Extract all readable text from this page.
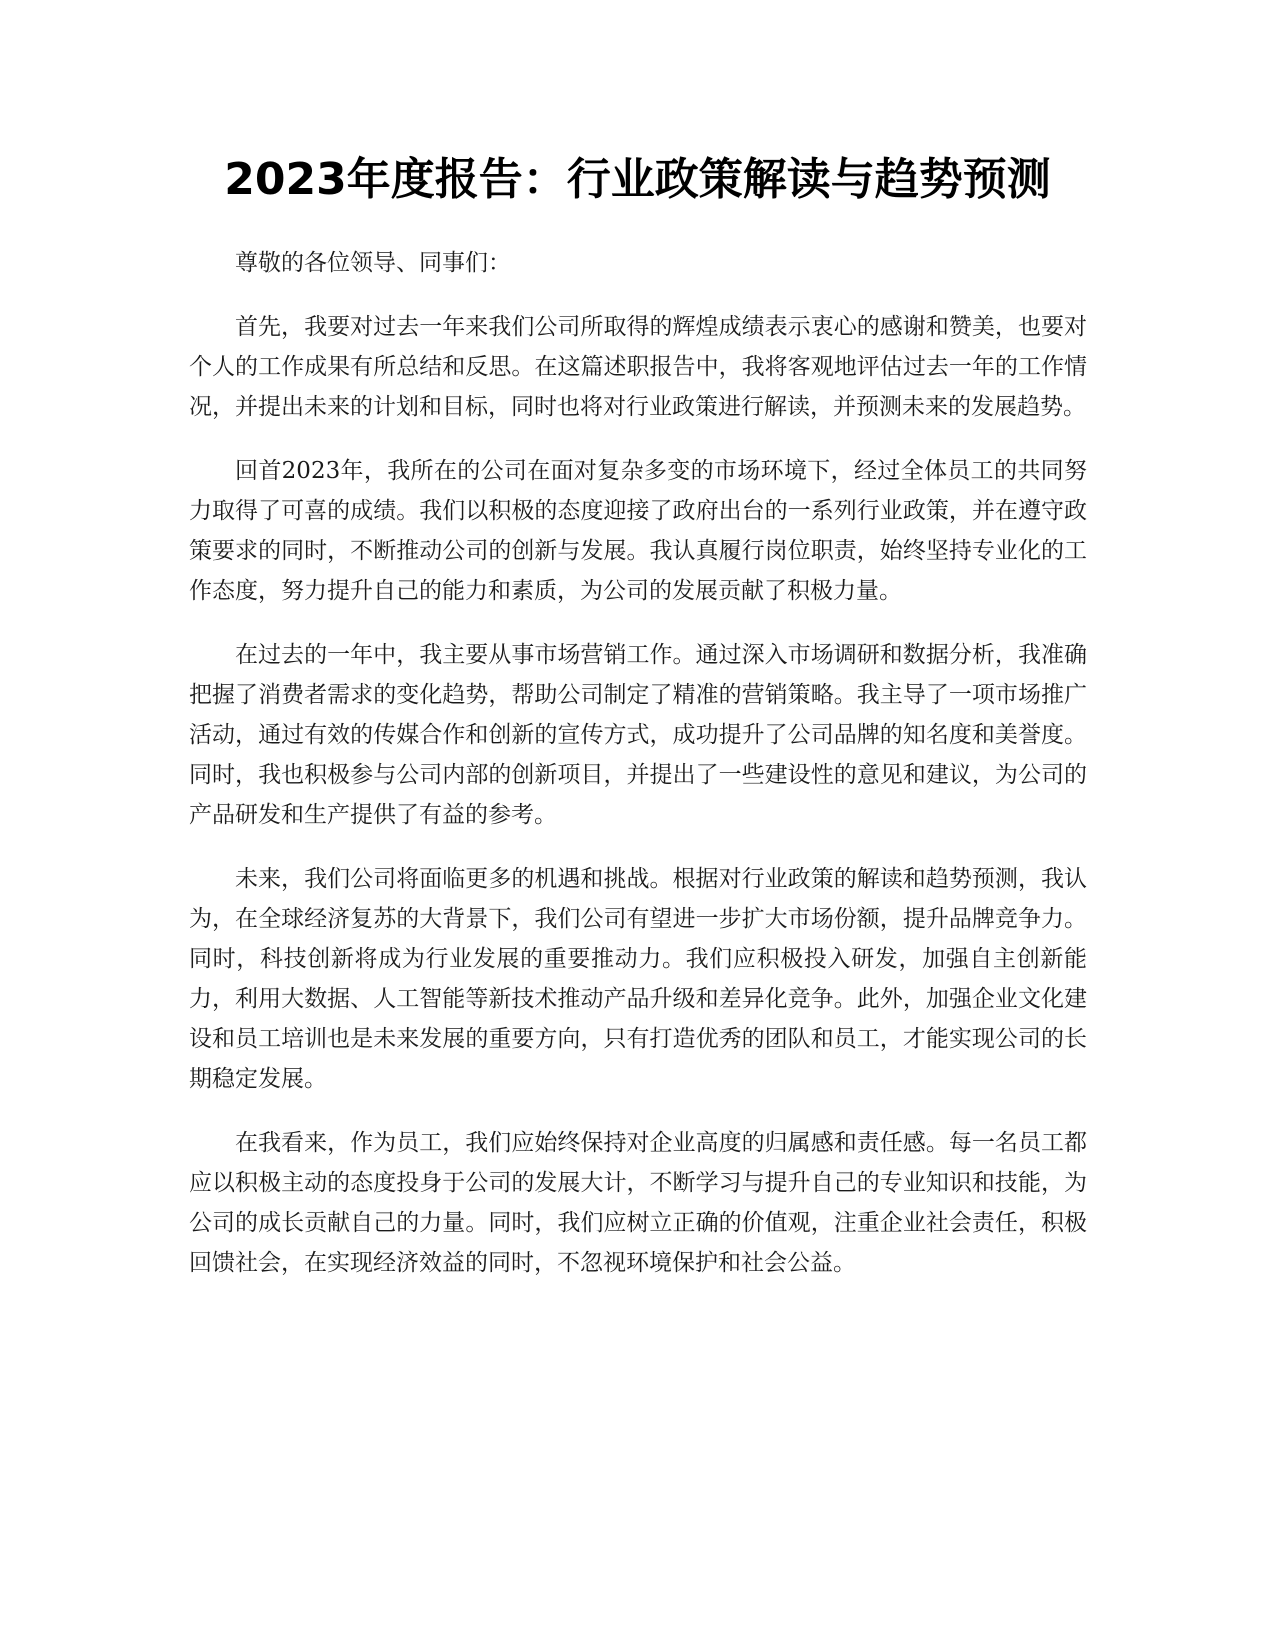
2023年度报告：行业政策解读与趋势预测

尊敬的各位领导、同事们：

首先，我要对过去一年来我们公司所取得的辉煌成绩表示衷心的感谢和赞美，也要对个人的工作成果有所总结和反思。在这篇述职报告中，我将客观地评估过去一年的工作情况，并提出未来的计划和目标，同时也将对行业政策进行解读，并预测未来的发展趋势。

回首2023年，我所在的公司在面对复杂多变的市场环境下，经过全体员工的共同努力取得了可喜的成绩。我们以积极的态度迎接了政府出台的一系列行业政策，并在遵守政策要求的同时，不断推动公司的创新与发展。我认真履行岗位职责，始终坚持专业化的工作态度，努力提升自己的能力和素质，为公司的发展贡献了积极力量。

在过去的一年中，我主要从事市场营销工作。通过深入市场调研和数据分析，我准确把握了消费者需求的变化趋势，帮助公司制定了精准的营销策略。我主导了一项市场推广活动，通过有效的传媒合作和创新的宣传方式，成功提升了公司品牌的知名度和美誉度。同时，我也积极参与公司内部的创新项目，并提出了一些建设性的意见和建议，为公司的产品研发和生产提供了有益的参考。

未来，我们公司将面临更多的机遇和挑战。根据对行业政策的解读和趋势预测，我认为，在全球经济复苏的大背景下，我们公司有望进一步扩大市场份额，提升品牌竞争力。同时，科技创新将成为行业发展的重要推动力。我们应积极投入研发，加强自主创新能力，利用大数据、人工智能等新技术推动产品升级和差异化竞争。此外，加强企业文化建设和员工培训也是未来发展的重要方向，只有打造优秀的团队和员工，才能实现公司的长期稳定发展。

在我看来，作为员工，我们应始终保持对企业高度的归属感和责任感。每一名员工都应以积极主动的态度投身于公司的发展大计，不断学习与提升自己的专业知识和技能，为公司的成长贡献自己的力量。同时，我们应树立正确的价值观，注重企业社会责任，积极回馈社会，在实现经济效益的同时，不忽视环境保护和社会公益。
